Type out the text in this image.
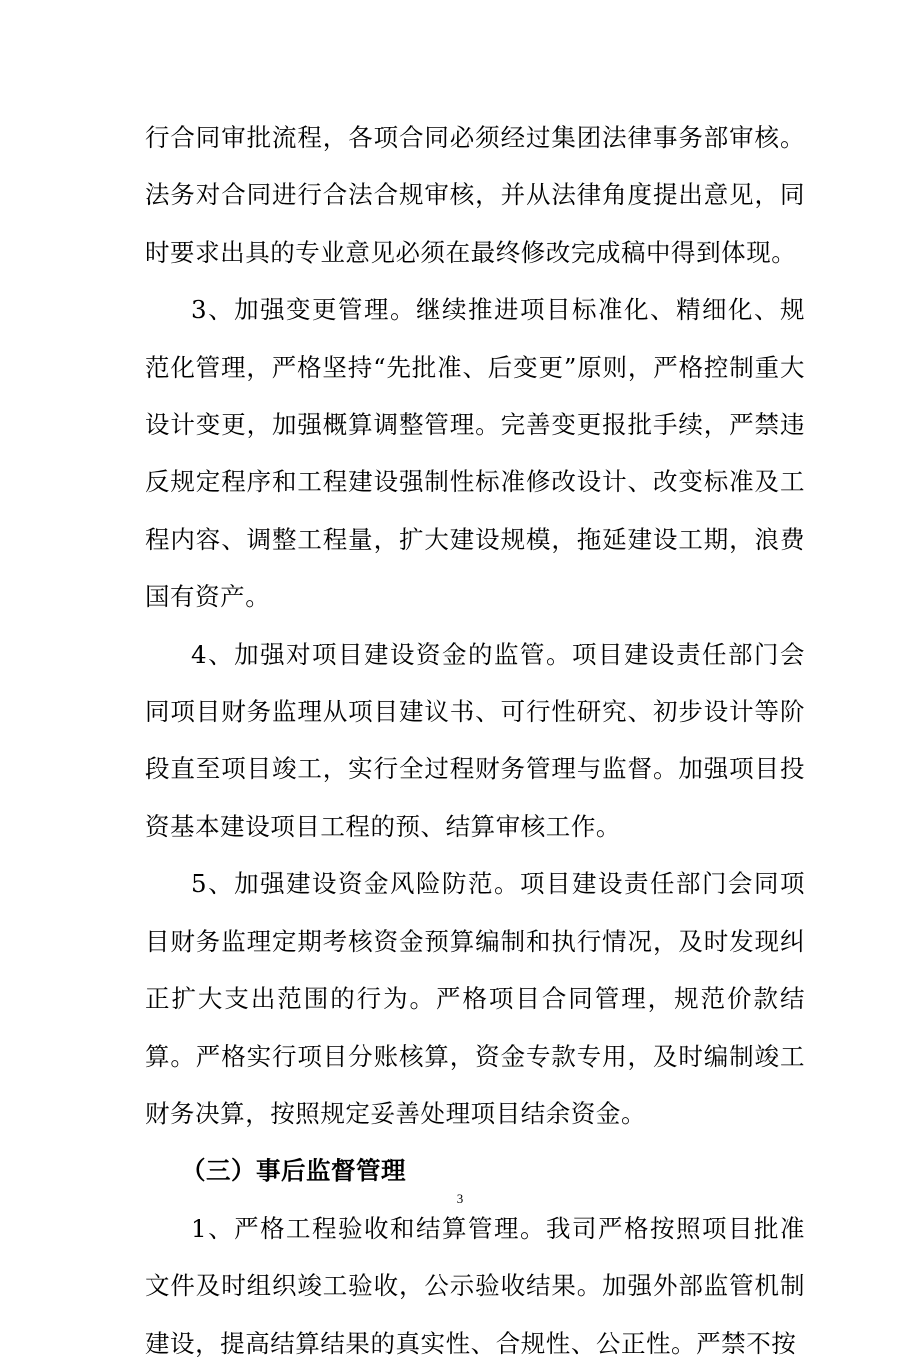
行合同审批流程，各项合同必须经过集团法律事务部审核。法务对合同进行合法合规审核，并从法律角度提出意见，同时要求出具的专业意见必须在最终修改完成稿中得到体现。

3、加强变更管理。继续推进项目标准化、精细化、规范化管理，严格坚持“先批准、后变更”原则，严格控制重大设计变更，加强概算调整管理。完善变更报批手续，严禁违反规定程序和工程建设强制性标准修改设计、改变标准及工程内容、调整工程量，扩大建设规模，拖延建设工期，浪费国有资产。

4、加强对项目建设资金的监管。项目建设责任部门会同项目财务监理从项目建议书、可行性研究、初步设计等阶段直至项目竣工，实行全过程财务管理与监督。加强项目投资基本建设项目工程的预、结算审核工作。

5、加强建设资金风险防范。项目建设责任部门会同项目财务监理定期考核资金预算编制和执行情况，及时发现纠正扩大支出范围的行为。严格项目合同管理，规范价款结算。严格实行项目分账核算，资金专款专用，及时编制竣工财务决算，按照规定妥善处理项目结余资金。

（三）事后监督管理

1、严格工程验收和结算管理。我司严格按照项目批准文件及时组织竣工验收，公示验收结果。加强外部监管机制建设，提高结算结果的真实性、合规性、公正性。严禁不按

3
